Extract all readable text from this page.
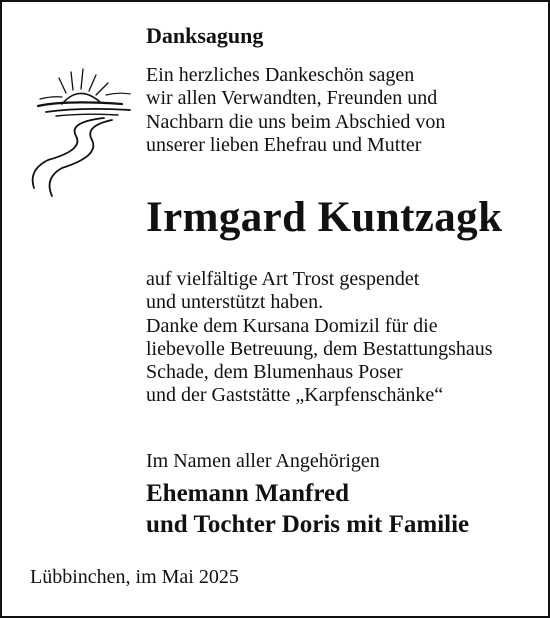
Danksagung
Ein herzliches Dankeschön sagen
wir allen Verwandten, Freunden und
Nachbarn die uns beim Abschied von
unserer lieben Ehefrau und Mutter
Irmgard Kuntzagk
auf vielfältige Art Trost gespendet
und unterstützt haben.
Danke dem Kursana Domizil für die
liebevolle Betreuung, dem Bestattungshaus
Schade, dem Blumenhaus Poser
und der Gaststätte „Karpfenschänke“
Im Namen aller Angehörigen
Ehemann Manfred
und Tochter Doris mit Familie
Lübbinchen, im Mai 2025
